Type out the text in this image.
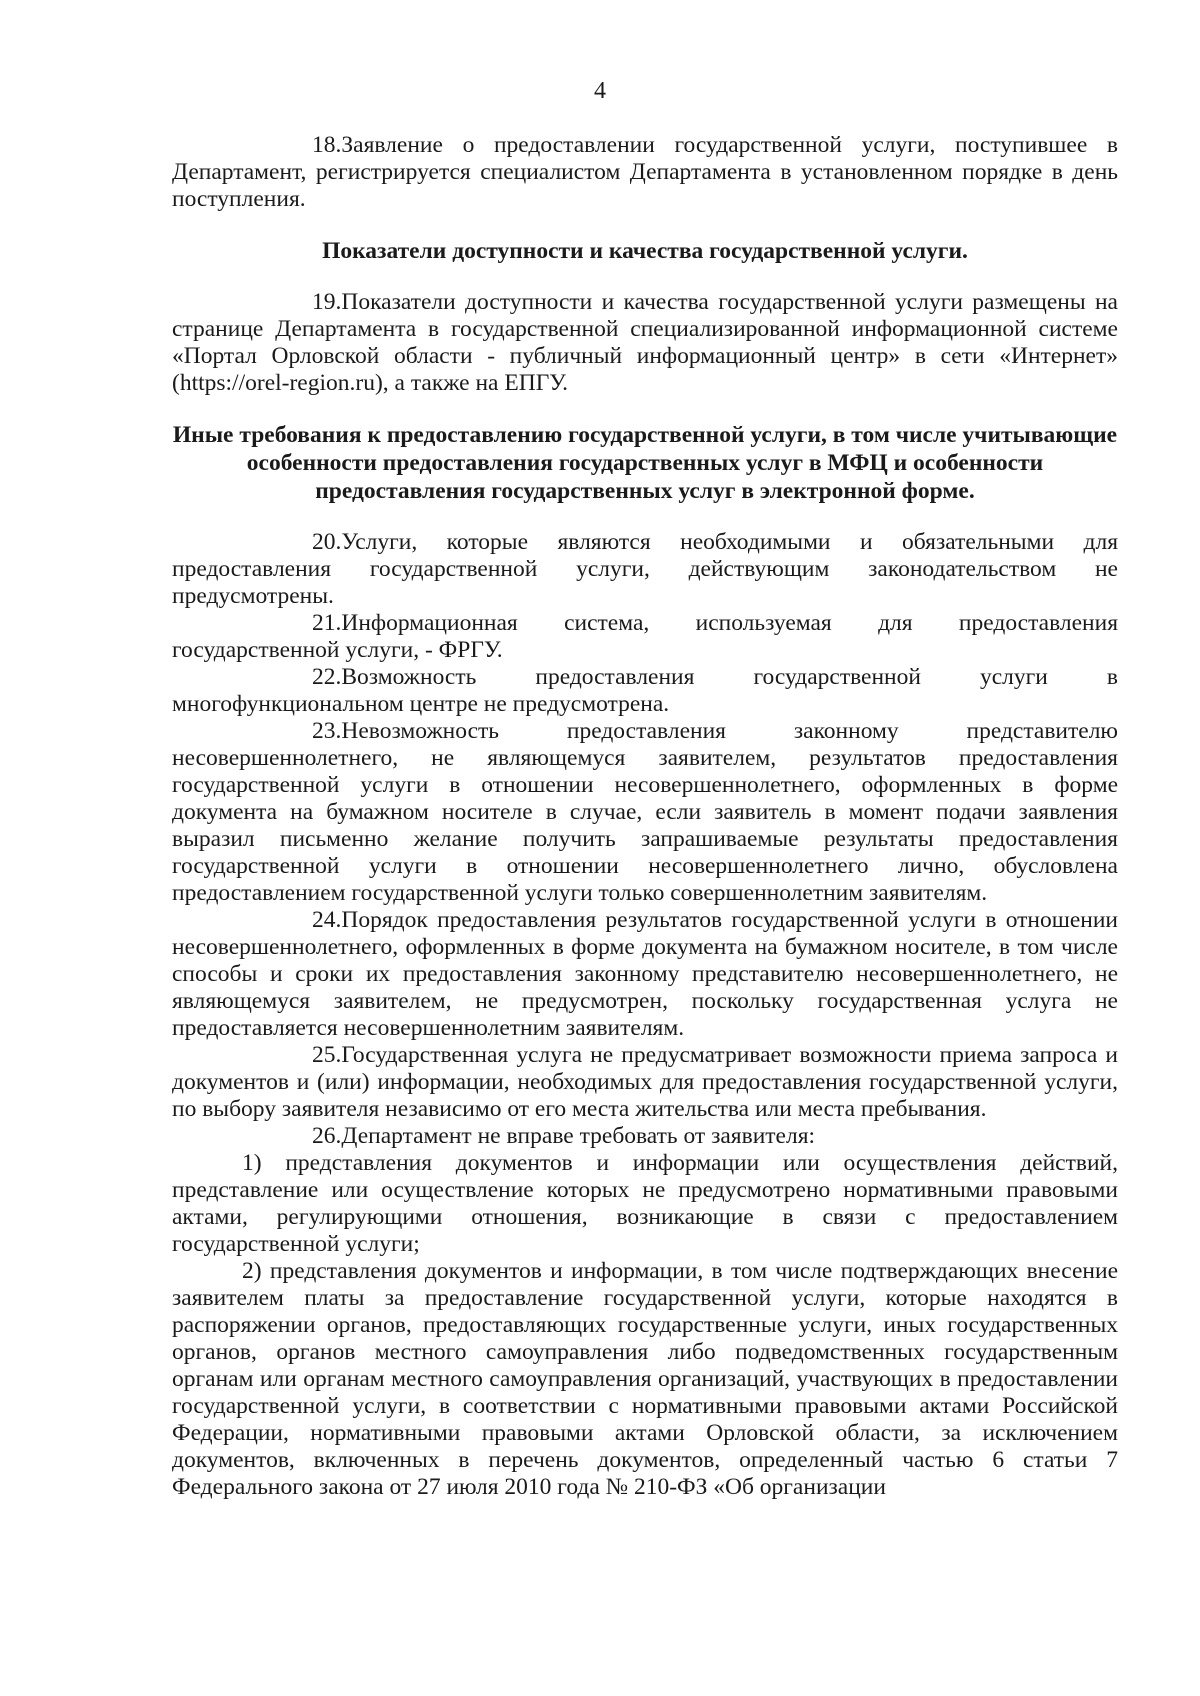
4

18.Заявление о предоставлении государственной услуги, поступившее в Департамент, регистрируется специалистом Департамента в установленном порядке в день поступления.

Показатели доступности и качества государственной услуги.

19.Показатели доступности и качества государственной услуги размещены на странице Департамента в государственной специализированной информационной системе «Портал Орловской области - публичный информационный центр» в сети «Интернет» (https://orel-region.ru), а также на ЕПГУ.

Иные требования к предоставлению государственной услуги, в том числе учитывающие особенности предоставления государственных услуг в МФЦ и особенности предоставления государственных услуг в электронной форме.

20.Услуги, которые являются необходимыми и обязательными для предоставления государственной услуги, действующим законодательством не предусмотрены.

21.Информационная система, используемая для предоставления государственной услуги, - ФРГУ.

22.Возможность предоставления государственной услуги в многофункциональном центре не предусмотрена.

23.Невозможность предоставления законному представителю несовершеннолетнего, не являющемуся заявителем, результатов предоставления государственной услуги в отношении несовершеннолетнего, оформленных в форме документа на бумажном носителе в случае, если заявитель в момент подачи заявления выразил письменно желание получить запрашиваемые результаты предоставления государственной услуги в отношении несовершеннолетнего лично, обусловлена предоставлением государственной услуги только совершеннолетним заявителям.

24.Порядок предоставления результатов государственной услуги в отношении несовершеннолетнего, оформленных в форме документа на бумажном носителе, в том числе способы и сроки их предоставления законному представителю несовершеннолетнего, не являющемуся заявителем, не предусмотрен, поскольку государственная услуга не предоставляется несовершеннолетним заявителям.

25.Государственная услуга не предусматривает возможности приема запроса и документов и (или) информации, необходимых для предоставления государственной услуги, по выбору заявителя независимо от его места жительства или места пребывания.

26.Департамент не вправе требовать от заявителя:

1) представления документов и информации или осуществления действий, представление или осуществление которых не предусмотрено нормативными правовыми актами, регулирующими отношения, возникающие в связи с предоставлением государственной услуги;

2) представления документов и информации, в том числе подтверждающих внесение заявителем платы за предоставление государственной услуги, которые находятся в распоряжении органов, предоставляющих государственные услуги, иных государственных органов, органов местного самоуправления либо подведомственных государственным органам или органам местного самоуправления организаций, участвующих в предоставлении государственной услуги, в соответствии с нормативными правовыми актами Российской Федерации, нормативными правовыми актами Орловской области, за исключением документов, включенных в перечень документов, определенный частью 6 статьи 7 Федерального закона от 27 июля 2010 года № 210-ФЗ «Об организации
